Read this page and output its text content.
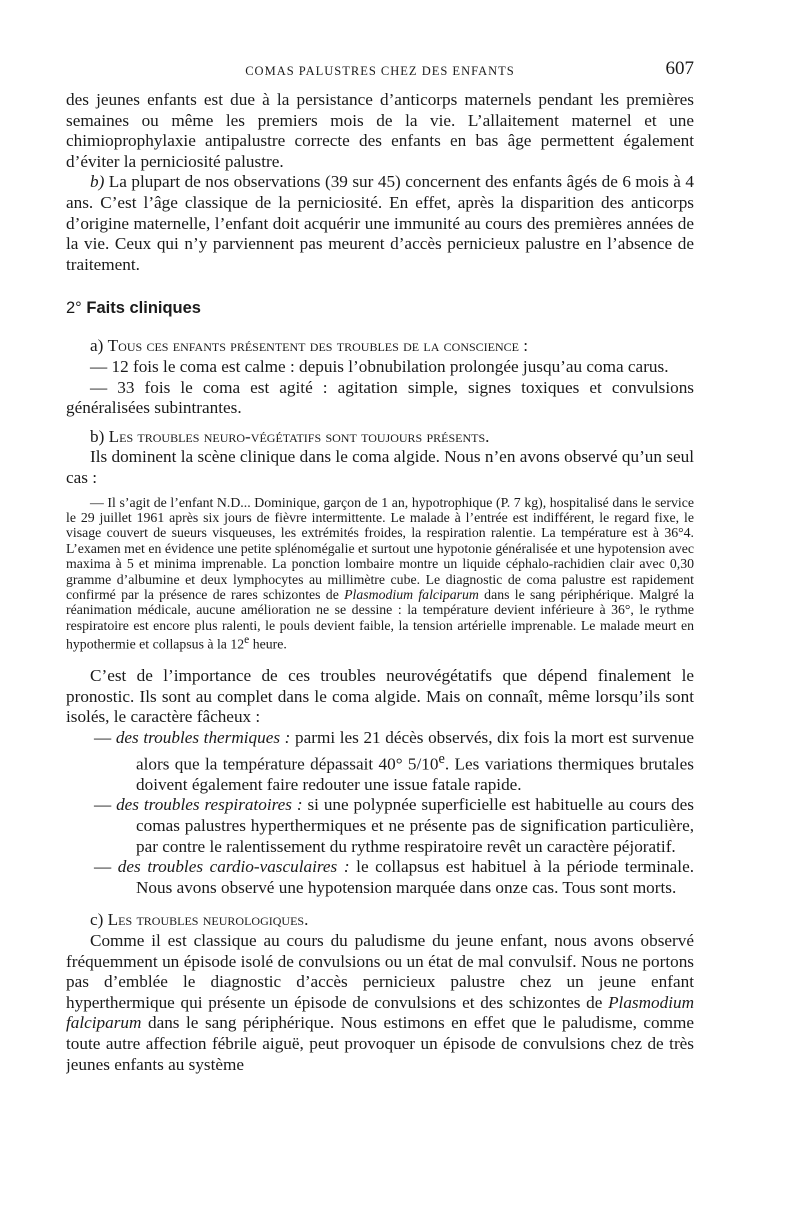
COMAS PALUSTRES CHEZ DES ENFANTS	607

des jeunes enfants est due à la persistance d’anticorps maternels pendant les premières semaines ou même les premiers mois de la vie. L’allaitement maternel et une chimioprophylaxie antipalustre correcte des enfants en bas âge permettent également d’éviter la perniciosité palustre.

b) La plupart de nos observations (39 sur 45) concernent des enfants âgés de 6 mois à 4 ans. C’est l’âge classique de la perniciosité. En effet, après la disparition des anticorps d’origine maternelle, l’enfant doit acquérir une immunité au cours des premières années de la vie. Ceux qui n’y parviennent pas meurent d’accès pernicieux palustre en l’absence de traitement.

2° Faits cliniques

a) Tous ces enfants présentent des troubles de la conscience :

— 12 fois le coma est calme : depuis l’obnubilation prolongée jusqu’au coma carus.

— 33 fois le coma est agité : agitation simple, signes toxiques et convulsions généralisées subintrantes.

b) Les troubles neuro-végétatifs sont toujours présents.

Ils dominent la scène clinique dans le coma algide. Nous n’en avons observé qu’un seul cas :

— Il s’agit de l’enfant N.D... Dominique, garçon de 1 an, hypotrophique (P. 7 kg), hospitalisé dans le service le 29 juillet 1961 après six jours de fièvre intermittente. Le malade à l’entrée est indifférent, le regard fixe, le visage couvert de sueurs visqueuses, les extrémités froides, la respiration ralentie. La température est à 36°4. L’examen met en évidence une petite splénomégalie et surtout une hypotonie généralisée et une hypotension avec maxima à 5 et minima imprenable. La ponction lombaire montre un liquide céphalo-rachidien clair avec 0,30 gramme d’albumine et deux lymphocytes au millimètre cube. Le diagnostic de coma palustre est rapidement confirmé par la présence de rares schizontes de Plasmodium falciparum dans le sang périphérique. Malgré la réanimation médicale, aucune amélioration ne se dessine : la température devient inférieure à 36°, le rythme respiratoire est encore plus ralenti, le pouls devient faible, la tension artérielle imprenable. Le malade meurt en hypothermie et collapsus à la 12e heure.

C’est de l’importance de ces troubles neurovégétatifs que dépend finalement le pronostic. Ils sont au complet dans le coma algide. Mais on connaît, même lorsqu’ils sont isolés, le caractère fâcheux :

— des troubles thermiques : parmi les 21 décès observés, dix fois la mort est survenue alors que la température dépassait 40° 5/10e. Les variations thermiques brutales doivent également faire redouter une issue fatale rapide.

— des troubles respiratoires : si une polypnée superficielle est habituelle au cours des comas palustres hyperthermiques et ne présente pas de signification particulière, par contre le ralentissement du rythme respiratoire revêt un caractère péjoratif.

— des troubles cardio-vasculaires : le collapsus est habituel à la période terminale. Nous avons observé une hypotension marquée dans onze cas. Tous sont morts.

c) Les troubles neurologiques.

Comme il est classique au cours du paludisme du jeune enfant, nous avons observé fréquemment un épisode isolé de convulsions ou un état de mal convulsif. Nous ne portons pas d’emblée le diagnostic d’accès pernicieux palustre chez un jeune enfant hyperthermique qui présente un épisode de convulsions et des schizontes de Plasmodium falciparum dans le sang périphérique. Nous estimons en effet que le paludisme, comme toute autre affection fébrile aiguë, peut provoquer un épisode de convulsions chez de très jeunes enfants au système
